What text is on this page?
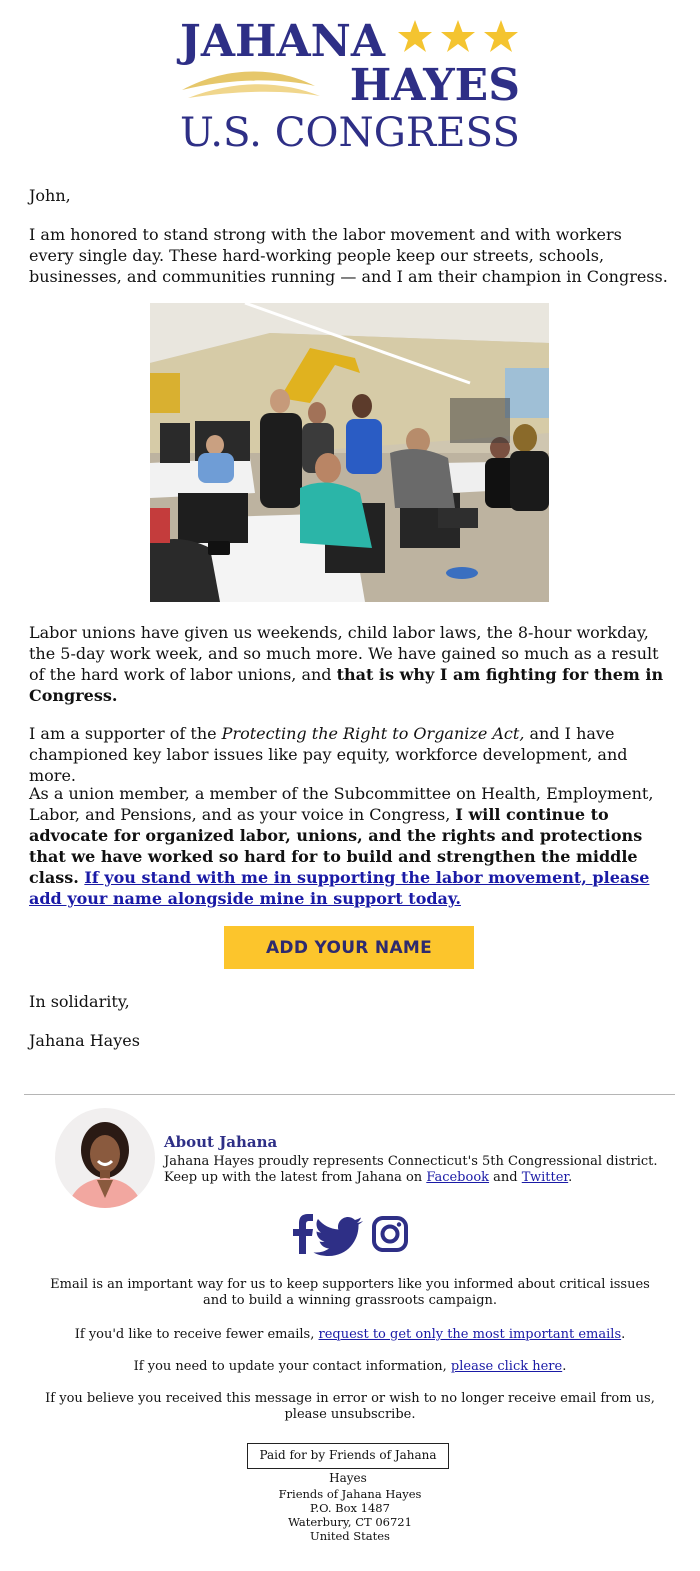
JAHANA
HAYES
U.S. CONGRESS

John,

I am honored to stand strong with the labor movement and with workers every single day. These hard-working people keep our streets, schools, businesses, and communities running — and I am their champion in Congress.

Labor unions have given us weekends, child labor laws, the 8-hour workday, the 5-day work week, and so much more. We have gained so much as a result of the hard work of labor unions, and that is why I am fighting for them in Congress.

I am a supporter of the Protecting the Right to Organize Act, and I have championed key labor issues like pay equity, workforce development, and more.

As a union member, a member of the Subcommittee on Health, Employment, Labor, and Pensions, and as your voice in Congress, I will continue to advocate for organized labor, unions, and the rights and protections that we have worked so hard for to build and strengthen the middle class. If you stand with me in supporting the labor movement, please add your name alongside mine in support today.

ADD YOUR NAME

In solidarity,

Jahana Hayes

About Jahana

Jahana Hayes proudly represents Connecticut's 5th Congressional district.

Keep up with the latest from Jahana on Facebook and Twitter.

Email is an important way for us to keep supporters like you informed about critical issues and to build a winning grassroots campaign.

If you'd like to receive fewer emails, request to get only the most important emails.

If you need to update your contact information, please click here.

If you believe you received this message in error or wish to no longer receive email from us, please unsubscribe.

Paid for by Friends of Jahana Hayes
Friends of Jahana Hayes
P.O. Box 1487
Waterbury, CT 06721
United States
